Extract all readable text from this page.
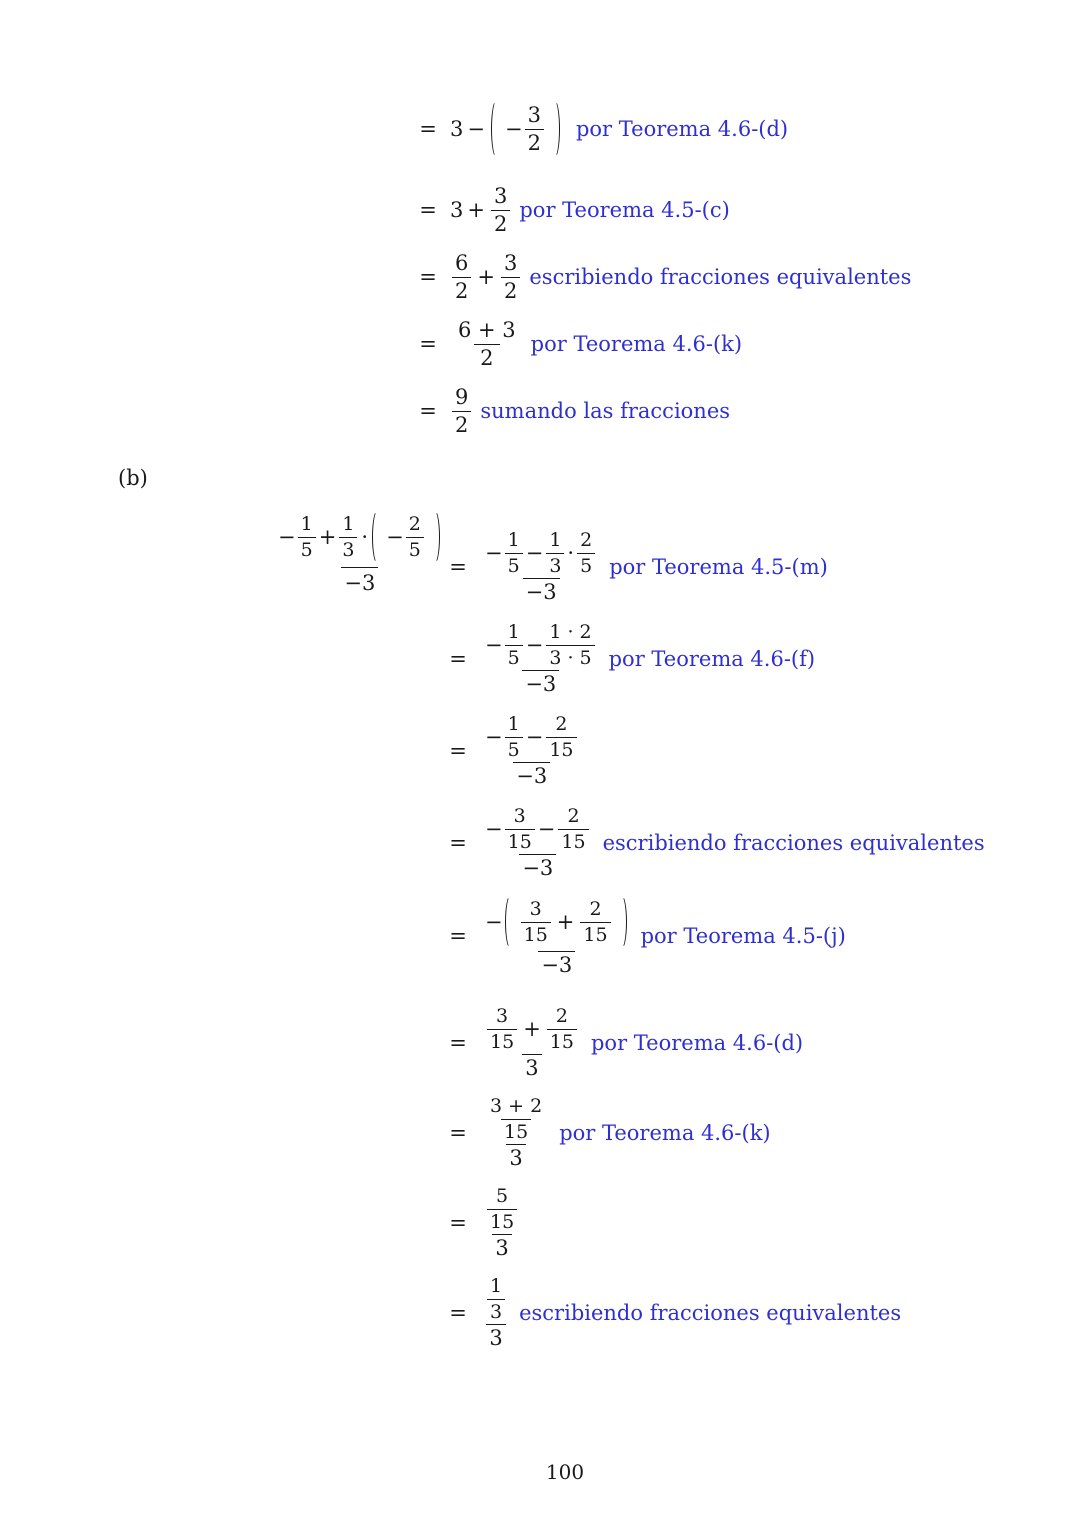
= 3 − − $\frac{3}{2}$ por Teorema 4.6-(d)
= $3 + \frac{3}{2}$ por Teorema 4.5-(c)
= $\frac{6}{2} + \frac{3}{2}$ escribiendo fracciones equivalentes
= $\frac{6 + 3}{2}$ por Teorema 4.6-(k)
= $\frac{9}{2}$ sumando las fracciones
(b)
− $\frac{1}{5} + \frac{1}{3}$ · − $\frac{2}{5}$
−3
= $\frac{- \frac{1}{5} - \frac{1}{3} \cdot \frac{2}{5}}{-3}$ por Teorema 4.5-(m)
= $\frac{- \frac{1}{5} - \frac{1 \cdot 2}{3 \cdot 5}}{-3}$ por Teorema 4.6-(f)
= $\frac{- \frac{1}{5} - \frac{2}{15}}{-3}$
= $\frac{- \frac{3}{15} - \frac{2}{15}}{-3}$ escribiendo fracciones equivalentes
=
− $\frac{3}{15} + \frac{2}{15}$
−3
por Teorema 4.5-(j)
= $\frac{\frac{3}{15} + \frac{2}{15}}{3}$ por Teorema 4.6-(d)
= $\frac{\frac{3 + 2}{15}}{3}$ por Teorema 4.6-(k)
= $\frac{\frac{5}{15}}{3}$
= $\frac{\frac{1}{3}}{3}$ escribiendo fracciones equivalentes
100
